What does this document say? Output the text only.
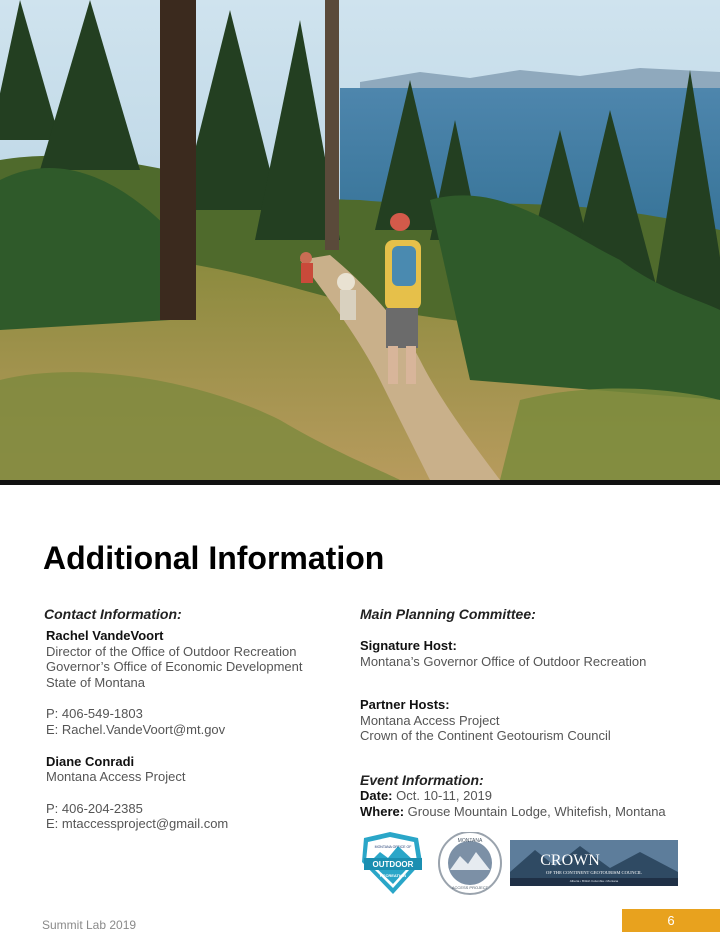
Additional Information
Contact Information:
Rachel VandeVoort
Director of the Office of Outdoor Recreation
Governor’s Office of Economic Development
State of Montana
P: 406-549-1803
E: Rachel.VandeVoort@mt.gov
Diane Conradi
Montana Access Project
P: 406-204-2385
E: mtaccessproject@gmail.com
Main Planning Committee:
Signature Host:
Montana’s Governor Office of Outdoor Recreation
Partner Hosts:
Montana Access Project
Crown of the Continent Geotourism Council
Event Information:
Date: Oct. 10-11, 2019
Where: Grouse Mountain Lodge, Whitefish, Montana
OUTDOOR
MONTANA OFFICE OF
RECREATION
MONTANA
ACCESS PROJECT
CROWN
OF THE CONTINENT GEOTOURISM COUNCIL
Alberta • British Columbia • Montana
Summit Lab 2019	6
